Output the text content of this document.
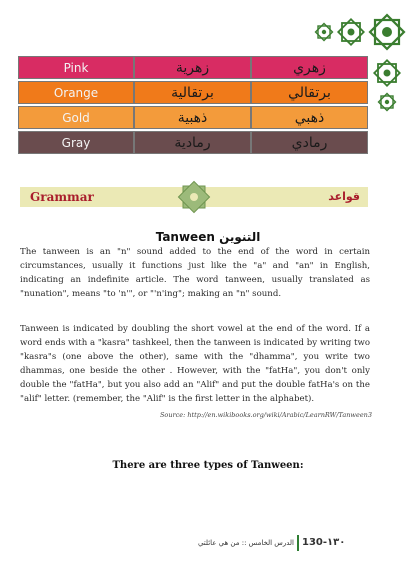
Pink	زهرية	زهري
Orange	برتقالية	برتقالي
Gold	ذهبية	ذهبي
Gray	رمادية	رمادي
Grammar	قواعد
Tanween التنوين

The tanween is an "n" sound added to the end of the word in certain circumstances, usually it functions just like the "a" and "an" in English, indicating an indefinite article. The word tanween, usually translated as "nunation", means "to 'n'", or "'n'ing"; making an "n" sound.

Tanween is indicated by doubling the short vowel at the end of the word. If a word ends with a "kasra" tashkeel, then the tanween is indicated by writing two "kasra"s (one above the other), same with the "dhamma", you write two dhammas, one beside the other . However, with the "fatHa", you don't only double the "fatHa", but you also add an "Alif" and put the double fatHa's on the "alif" letter. (remember, the "Alif" is the first letter in the alphabet).

Source: http://en.wikibooks.org/wiki/Arabic/LearnRW/Tanween3
There are three types of Tanween:
130-١٣٠
الدرس الخامس :: من هي عائلتي
